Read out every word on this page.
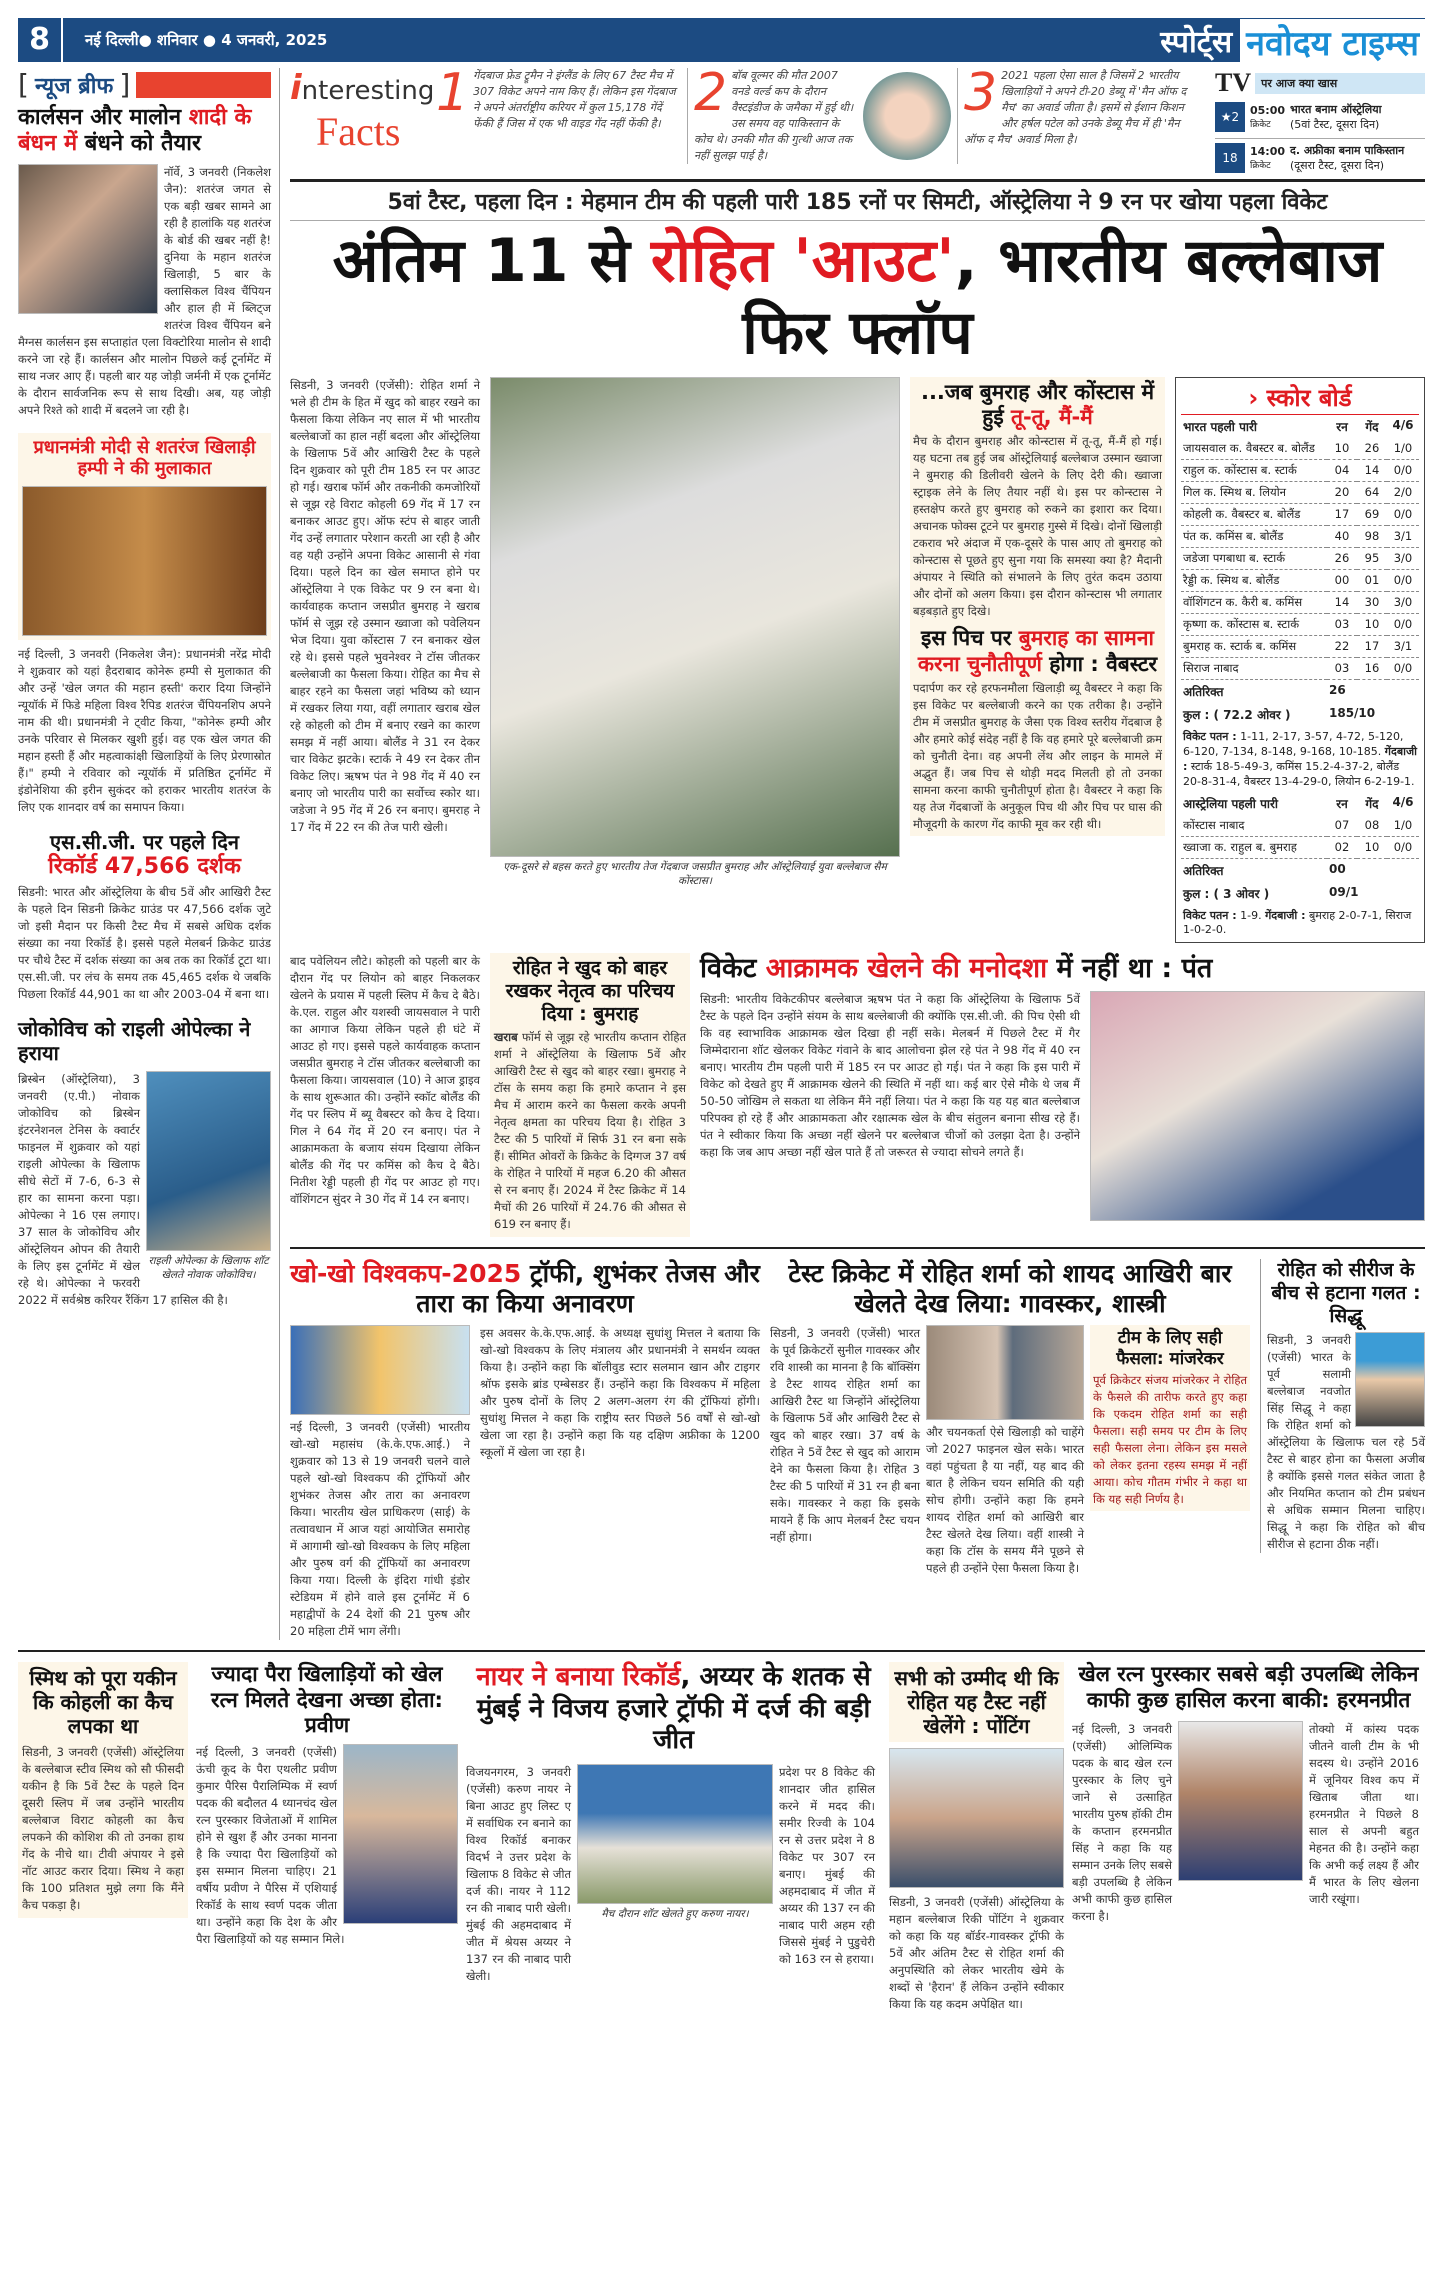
8	नई दिल्ली● शनिवार ● 4 जनवरी, 2025	स्पोर्ट्स नवोदय टाइम्स
[ न्यूज ब्रीफ ]
कार्लसन और मालोन शादी के बंधन में बंधने को तैयार
नॉर्वे, 3 जनवरी (निकलेश जैन): शतरंज जगत से एक बड़ी खबर सामने आ रही है हालांकि यह शतरंज के बोर्ड की खबर नहीं है! दुनिया के महान शतरंज खिलाड़ी, 5 बार के क्लासिकल विश्व चैंपियन और हाल ही में ब्लिट्ज शतरंज विश्व चैंपियन बने मैग्नस कार्लसन इस सप्ताहांत एला विक्टोरिया मालोन से शादी करने जा रहे हैं। कार्लसन और मालोन पिछले कई टूर्नामेंट में साथ नजर आए हैं। पहली बार यह जोड़ी जर्मनी में एक टूर्नामेंट के दौरान सार्वजनिक रूप से साथ दिखी। अब, यह जोड़ी अपने रिश्ते को शादी में बदलने जा रही है।
प्रधानमंत्री मोदी से शतरंज खिलाड़ी हम्पी ने की मुलाकात
नई दिल्ली, 3 जनवरी (निकलेश जैन): प्रधानमंत्री नरेंद्र मोदी ने शुक्रवार को यहां हैदराबाद कोनेरू हम्पी से मुलाकात की और उन्हें 'खेल जगत की महान हस्ती' करार दिया जिन्होंने न्यूयॉर्क में फिडे महिला विश्व रैपिड शतरंज चैंपियनशिप अपने नाम की थी। प्रधानमंत्री ने ट्वीट किया, "कोनेरू हम्पी और उनके परिवार से मिलकर खुशी हुई। वह एक खेल जगत की महान हस्ती हैं और महत्वाकांक्षी खिलाड़ियों के लिए प्रेरणास्रोत हैं।" हम्पी ने रविवार को न्यूयॉर्क में प्रतिष्ठित टूर्नामेंट में इंडोनेशिया की इरीन सुकंदर को हराकर भारतीय शतरंज के लिए एक शानदार वर्ष का समापन किया।
एस.सी.जी. पर पहले दिन
रिकॉर्ड 47,566 दर्शक
सिडनी: भारत और ऑस्ट्रेलिया के बीच 5वें और आखिरी टैस्ट के पहले दिन सिडनी क्रिकेट ग्राउंड पर 47,566 दर्शक जुटे जो इसी मैदान पर किसी टैस्ट मैच में सबसे अधिक दर्शक संख्या का नया रिकॉर्ड है। इससे पहले मेलबर्न क्रिकेट ग्राउंड पर चौथे टैस्ट में दर्शक संख्या का अब तक का रिकॉर्ड टूटा था। एस.सी.जी. पर लंच के समय तक 45,465 दर्शक थे जबकि पिछला रिकॉर्ड 44,901 का था और 2003-04 में बना था।
जोकोविच को राइली ओपेल्का ने हराया
राइली ओपेल्का के खिलाफ शॉट खेलते नोवाक जोकोविच।
ब्रिस्बेन (ऑस्ट्रेलिया), 3 जनवरी (ए.पी.) नोवाक जोकोविच को ब्रिस्बेन इंटरनेशनल टेनिस के क्वार्टर फाइनल में शुक्रवार को यहां राइली ओपेल्का के खिलाफ सीधे सेटों में 7-6, 6-3 से हार का सामना करना पड़ा। ओपेल्का ने 16 एस लगाए। 37 साल के जोकोविच और ऑस्ट्रेलियन ओपन की तैयारी के लिए इस टूर्नामेंट में खेल रहे थे। ओपेल्का ने फरवरी 2022 में सर्वश्रेष्ठ करियर रैंकिंग 17 हासिल की है।
interesting
Facts
1 गेंदबाज फ्रेड ट्रूमैन ने इंग्लैंड के लिए 67 टैस्ट मैच में 307 विकेट अपने नाम किए हैं। लेकिन इस गेंदबाज ने अपने अंतर्राष्ट्रीय करियर में कुल 15,178 गेंदें फेंकी हैं जिस में एक भी वाइड गेंद नहीं फेंकी है।
2 बॉब वूल्मर की मौत 2007 वनडे वर्ल्ड कप के दौरान वैस्टइंडीज के जमैका में हुई थी। उस समय वह पाकिस्तान के कोच थे। उनकी मौत की गुत्थी आज तक नहीं सुलझ पाई है।
3 2021 पहला ऐसा साल है जिसमें 2 भारतीय खिलाड़ियों ने अपने टी-20 डेब्यू में 'मैन ऑफ द मैच' का अवार्ड जीता है। इसमें से ईशान किशन और हर्षल पटेल को उनके डेब्यू मैच में ही 'मैन ऑफ द मैच' अवार्ड मिला है।
TV पर आज क्या खास
★2 05:00
क्रिकेट
भारत बनाम ऑस्ट्रेलिया
(5वां टैस्ट, दूसरा दिन)
18	14:00
क्रिकेट
द. अफ्रीका बनाम पाकिस्तान
(दूसरा टैस्ट, दूसरा दिन)
5वां टैस्ट, पहला दिन : मेहमान टीम की पहली पारी 185 रनों पर सिमटी, ऑस्ट्रेलिया ने 9 रन पर खोया पहला विकेट
अंतिम 11 से रोहित 'आउट', भारतीय बल्लेबाज फिर फ्लॉप
सिडनी, 3 जनवरी (एजेंसी): रोहित शर्मा ने भले ही टीम के हित में खुद को बाहर रखने का फैसला किया लेकिन नए साल में भी भारतीय बल्लेबाजों का हाल नहीं बदला और ऑस्ट्रेलिया के खिलाफ 5वें और आखिरी टैस्ट के पहले दिन शुक्रवार को पूरी टीम 185 रन पर आउट हो गई। खराब फॉर्म और तकनीकी कमजोरियों से जूझ रहे विराट कोहली 69 गेंद में 17 रन बनाकर आउट हुए। ऑफ स्टंप से बाहर जाती गेंद उन्हें लगातार परेशान करती आ रही है और वह यही उन्होंने अपना विकेट आसानी से गंवा दिया। पहले दिन का खेल समाप्त होने पर ऑस्ट्रेलिया ने एक विकेट पर 9 रन बना थे। कार्यवाहक कप्तान जसप्रीत बुमराह ने खराब फॉर्म से जूझ रहे उस्मान ख्वाजा को पवेलियन भेज दिया। युवा कोंस्टास 7 रन बनाकर खेल रहे थे। इससे पहले भुवनेश्वर ने टॉस जीतकर बल्लेबाजी का फैसला किया। रोहित का मैच से बाहर रहने का फैसला जहां भविष्य को ध्यान में रखकर लिया गया, वहीं लगातार खराब खेल रहे कोहली को टीम में बनाए रखने का कारण समझ में नहीं आया। बोलैंड ने 31 रन देकर चार विकेट झटके। स्टार्क ने 49 रन देकर तीन विकेट लिए। ऋषभ पंत ने 98 गेंद में 40 रन बनाए जो भारतीय पारी का सर्वोच्च स्कोर था। जडेजा ने 95 गेंद में 26 रन बनाए। बुमराह ने 17 गेंद में 22 रन की तेज पारी खेली।
एक-दूसरे से बहस करते हुए भारतीय तेज गेंदबाज जसप्रीत बुमराह और ऑस्ट्रेलियाई युवा बल्लेबाज सैम कोंस्टास।
...जब बुमराह और कोंस्टास में हुई तू-तू, मैं-मैं
मैच के दौरान बुमराह और कोन्स्टास में तू-तू, मैं-मैं हो गई। यह घटना तब हुई जब ऑस्ट्रेलियाई बल्लेबाज उस्मान ख्वाजा ने बुमराह की डिलीवरी खेलने के लिए देरी की। ख्वाजा स्ट्राइक लेने के लिए तैयार नहीं थे। इस पर कोन्स्टास ने हस्तक्षेप करते हुए बुमराह को रुकने का इशारा कर दिया। अचानक फोक्स टूटने पर बुमराह गुस्से में दिखे। दोनों खिलाड़ी टकराव भरे अंदाज में एक-दूसरे के पास आए तो बुमराह को कोन्स्टास से पूछते हुए सुना गया कि समस्या क्या है? मैदानी अंपायर ने स्थिति को संभालने के लिए तुरंत कदम उठाया और दोनों को अलग किया। इस दौरान कोन्स्टास भी लगातार बड़बड़ाते हुए दिखे।
इस पिच पर बुमराह का सामना करना चुनौतीपूर्ण होगा : वैबस्टर
पदार्पण कर रहे हरफनमौला खिलाड़ी ब्यू वैबस्टर ने कहा कि इस विकेट पर बल्लेबाजी करने का एक तरीका है। उन्होंने टीम में जसप्रीत बुमराह के जैसा एक विश्व स्तरीय गेंदबाज है और हमारे कोई संदेह नहीं है कि वह हमारे पूरे बल्लेबाजी क्रम को चुनौती देना। वह अपनी लेंथ और लाइन के मामले में अद्भुत हैं। जब पिच से थोड़ी मदद मिलती हो तो उनका सामना करना काफी चुनौतीपूर्ण होता है। वैबस्टर ने कहा कि यह तेज गेंदबाजों के अनुकूल पिच थी और पिच पर घास की मौजूदगी के कारण गेंद काफी मूव कर रही थी।
› स्कोर बोर्ड
भारत पहली पारी	रन	गेंद	4/6
जायसवाल क. वैबस्टर ब. बोलैंड	10	26	1/0
राहुल क. कोंस्टास ब. स्टार्क	04	14	0/0
गिल क. स्मिथ ब. लियोन	20	64	2/0
कोहली क. वैबस्टर ब. बोलैंड	17	69	0/0
पंत क. कमिंस ब. बोलैंड	40	98	3/1
जडेजा पगबाधा ब. स्टार्क	26	95	3/0
रैड्डी क. स्मिथ ब. बोलैंड	00	01	0/0
वॉशिंगटन क. कैरी ब. कमिंस	14	30	3/0
कृष्णा क. कोंस्टास ब. स्टार्क	03	10	0/0
बुमराह क. स्टार्क ब. कमिंस	22	17	3/1
सिराज नाबाद	03	16	0/0
अतिरिक्त	26		
कुल : ( 72.2 ओवर )	185/10		
विकेट पतन : 1-11, 2-17, 3-57, 4-72, 5-120, 6-120, 7-134, 8-148, 9-168, 10-185. गेंदबाजी : स्टार्क 18-5-49-3, कमिंस 15.2-4-37-2, बोलैंड 20-8-31-4, वैबस्टर 13-4-29-0, लियोन 6-2-19-1.			
आस्ट्रेलिया पहली पारी	रन	गेंद	4/6
कोंस्टास नाबाद	07	08	1/0
ख्वाजा क. राहुल ब. बुमराह	02	10	0/0
अतिरिक्त	00		
कुल : ( 3 ओवर )	09/1		
विकेट पतन : 1-9. गेंदबाजी : बुमराह 2-0-7-1, सिराज 1-0-2-0.			
बाद पवेलियन लौटे। कोहली को पहली बार के दौरान गेंद पर लियोन को बाहर निकलकर खेलने के प्रयास में पहली स्लिप में कैच दे बैठे। के.एल. राहुल और यशस्वी जायसवाल ने पारी का आगाज किया लेकिन पहले ही घंटे में आउट हो गए। इससे पहले कार्यवाहक कप्तान जसप्रीत बुमराह ने टॉस जीतकर बल्लेबाजी का फैसला किया। जायसवाल (10) ने आज ड्राइव के साथ शुरूआत की। उन्होंने स्कॉट बोलैंड की गेंद पर स्लिप में ब्यू वैबस्टर को कैच दे दिया। गिल ने 64 गेंद में 20 रन बनाए। पंत ने आक्रामकता के बजाय संयम दिखाया लेकिन बोलैंड की गेंद पर कमिंस को कैच दे बैठे। नितीश रेड्डी पहली ही गेंद पर आउट हो गए। वॉशिंगटन सुंदर ने 30 गेंद में 14 रन बनाए।
रोहित ने खुद को बाहर रखकर नेतृत्व का परिचय दिया : बुमराह
खराब फॉर्म से जूझ रहे भारतीय कप्तान रोहित शर्मा ने ऑस्ट्रेलिया के खिलाफ 5वें और आखिरी टैस्ट से खुद को बाहर रखा। बुमराह ने टॉस के समय कहा कि हमारे कप्तान ने इस मैच में आराम करने का फैसला करके अपनी नेतृत्व क्षमता का परिचय दिया है। रोहित 3 टैस्ट की 5 पारियों में सिर्फ 31 रन बना सके हैं। सीमित ओवरों के क्रिकेट के दिग्गज 37 वर्ष के रोहित ने पारियों में महज 6.20 की औसत से रन बनाए हैं। 2024 में टैस्ट क्रिकेट में 14 मैचों की 26 पारियों में 24.76 की औसत से 619 रन बनाए हैं।
विकेट आक्रामक खेलने की मनोदशा में नहीं था : पंत
सिडनी: भारतीय विकेटकीपर बल्लेबाज ऋषभ पंत ने कहा कि ऑस्ट्रेलिया के खिलाफ 5वें टैस्ट के पहले दिन उन्होंने संयम के साथ बल्लेबाजी की क्योंकि एस.सी.जी. की पिच ऐसी थी कि वह स्वाभाविक आक्रामक खेल दिखा ही नहीं सके। मेलबर्न में पिछले टैस्ट में गैर जिम्मेदाराना शॉट खेलकर विकेट गंवाने के बाद आलोचना झेल रहे पंत ने 98 गेंद में 40 रन बनाए। भारतीय टीम पहली पारी में 185 रन पर आउट हो गई। पंत ने कहा कि इस पारी में विकेट को देखते हुए मैं आक्रामक खेलने की स्थिति में नहीं था। कई बार ऐसे मौके थे जब मैं 50-50 जोखिम ले सकता था लेकिन मैंने नहीं लिया। पंत ने कहा कि यह यह बात बल्लेबाज परिपक्व हो रहे हैं और आक्रामकता और रक्षात्मक खेल के बीच संतुलन बनाना सीख रहे हैं। पंत ने स्वीकार किया कि अच्छा नहीं खेलने पर बल्लेबाज चीजों को उलझा देता है। उन्होंने कहा कि जब आप अच्छा नहीं खेल पाते हैं तो जरूरत से ज्यादा सोचने लगते हैं।
खो-खो विश्वकप-2025 ट्रॉफी, शुभंकर तेजस और तारा का किया अनावरण
नई दिल्ली, 3 जनवरी (एजेंसी) भारतीय खो-खो महासंघ (के.के.एफ.आई.) ने शुक्रवार को 13 से 19 जनवरी चलने वाले पहले खो-खो विश्वकप की ट्रॉफियों और शुभंकर तेजस और तारा का अनावरण किया। भारतीय खेल प्राधिकरण (साई) के तत्वावधान में आज यहां आयोजित समारोह में आगामी खो-खो विश्वकप के लिए महिला और पुरुष वर्ग की ट्रॉफियों का अनावरण किया गया। दिल्ली के इंदिरा गांधी इंडोर स्टेडियम में होने वाले इस टूर्नामेंट में 6 महाद्वीपों के 24 देशों की 21 पुरुष और 20 महिला टीमें भाग लेंगी।
इस अवसर के.के.एफ.आई. के अध्यक्ष सुधांशु मित्तल ने बताया कि खो-खो विश्वकप के लिए मंत्रालय और प्रधानमंत्री ने समर्थन व्यक्त किया है। उन्होंने कहा कि बॉलीवुड स्टार सलमान खान और टाइगर श्रॉफ इसके ब्रांड एम्बेसडर हैं। उन्होंने कहा कि विश्वकप में महिला और पुरुष दोनों के लिए 2 अलग-अलग रंग की ट्रॉफियां होंगी। सुधांशु मित्तल ने कहा कि राष्ट्रीय स्तर पिछले 56 वर्षों से खो-खो खेला जा रहा है। उन्होंने कहा कि यह दक्षिण अफ्रीका के 1200 स्कूलों में खेला जा रहा है।
टेस्ट क्रिकेट में रोहित शर्मा को शायद आखिरी बार खेलते देख लिया: गावस्कर, शास्त्री
सिडनी, 3 जनवरी (एजेंसी) भारत के पूर्व क्रिकेटरों सुनील गावस्कर और रवि शास्त्री का मानना है कि बॉक्सिंग डे टैस्ट शायद रोहित शर्मा का आखिरी टैस्ट था जिन्होंने ऑस्ट्रेलिया के खिलाफ 5वें और आखिरी टैस्ट से खुद को बाहर रखा। 37 वर्ष के रोहित ने 5वें टैस्ट से खुद को आराम देने का फैसला किया है। रोहित 3 टैस्ट की 5 पारियों में 31 रन ही बना सके। गावस्कर ने कहा कि इसके मायने हैं कि आप मेलबर्न टैस्ट चयन नहीं होगा।
और चयनकर्ता ऐसे खिलाड़ी को चाहेंगे जो 2027 फाइनल खेल सके। भारत वहां पहुंचता है या नहीं, यह बाद की बात है लेकिन चयन समिति की यही सोच होगी। उन्होंने कहा कि हमने शायद रोहित शर्मा को आखिरी बार टैस्ट खेलते देख लिया। वहीं शास्त्री ने कहा कि टॉस के समय मैंने पूछने से पहले ही उन्होंने ऐसा फैसला किया है।
टीम के लिए सही फैसला: मांजरेकर
पूर्व क्रिकेटर संजय मांजरेकर ने रोहित के फैसले की तारीफ करते हुए कहा कि एकदम रोहित शर्मा का सही फैसला। सही समय पर टीम के लिए सही फैसला लेना। लेकिन इस मसले को लेकर इतना रहस्य समझ में नहीं आया। कोच गौतम गंभीर ने कहा था कि यह सही निर्णय है।
रोहित को सीरीज के बीच से हटाना गलत : सिद्धू
सिडनी, 3 जनवरी (एजेंसी) भारत के पूर्व सलामी बल्लेबाज नवजोत सिंह सिद्धू ने कहा कि रोहित शर्मा को ऑस्ट्रेलिया के खिलाफ चल रहे 5वें टैस्ट से बाहर होना का फैसला अजीब है क्योंकि इससे गलत संकेत जाता है और नियमित कप्तान को टीम प्रबंधन से अधिक सम्मान मिलना चाहिए। सिद्धू ने कहा कि रोहित को बीच सीरीज से हटाना ठीक नहीं।
स्मिथ को पूरा यकीन कि कोहली का कैच लपका था
सिडनी, 3 जनवरी (एजेंसी) ऑस्ट्रेलिया के बल्लेबाज स्टीव स्मिथ को सौ फीसदी यकीन है कि 5वें टैस्ट के पहले दिन दूसरी स्लिप में जब उन्होंने भारतीय बल्लेबाज विराट कोहली का कैच लपकने की कोशिश की तो उनका हाथ गेंद के नीचे था। टीवी अंपायर ने इसे नॉट आउट करार दिया। स्मिथ ने कहा कि 100 प्रतिशत मुझे लगा कि मैंने कैच पकड़ा है।
ज्यादा पैरा खिलाड़ियों को खेल रत्न मिलते देखना अच्छा होता: प्रवीण
नई दिल्ली, 3 जनवरी (एजेंसी) ऊंची कूद के पैरा एथलीट प्रवीण कुमार पैरिस पैरालिम्पिक में स्वर्ण पदक की बदौलत 4 ध्यानचंद खेल रत्न पुरस्कार विजेताओं में शामिल होने से खुश हैं और उनका मानना है कि ज्यादा पैरा खिलाड़ियों को इस सम्मान मिलना चाहिए। 21 वर्षीय प्रवीण ने पैरिस में एशियाई रिकॉर्ड के साथ स्वर्ण पदक जीता था। उन्होंने कहा कि देश के और पैरा खिलाड़ियों को यह सम्मान मिले।
नायर ने बनाया रिकॉर्ड, अय्यर के शतक से मुंबई ने विजय हजारे ट्रॉफी में दर्ज की बड़ी जीत
विजयनगरम, 3 जनवरी (एजेंसी) करुण नायर ने बिना आउट हुए लिस्ट ए में सर्वाधिक रन बनाने का विश्व रिकॉर्ड बनाकर विदर्भ ने उत्तर प्रदेश के खिलाफ 8 विकेट से जीत दर्ज की। नायर ने 112 रन की नाबाद पारी खेली। मुंबई की अहमदाबाद में जीत में श्रेयस अय्यर ने 137 रन की नाबाद पारी खेली।
मैच दौरान शॉट खेलते हुए करुण नायर।
प्रदेश पर 8 विकेट की शानदार जीत हासिल करने में मदद की। समीर रिज्वी के 104 रन से उत्तर प्रदेश ने 8 विकेट पर 307 रन बनाए। मुंबई की अहमदाबाद में जीत में अय्यर की 137 रन की नाबाद पारी अहम रही जिससे मुंबई ने पुडुचेरी को 163 रन से हराया।
सभी को उम्मीद थी कि रोहित यह टैस्ट नहीं खेलेंगे : पोंटिंग
सिडनी, 3 जनवरी (एजेंसी) ऑस्ट्रेलिया के महान बल्लेबाज रिकी पोंटिंग ने शुक्रवार को कहा कि यह बॉर्डर-गावस्कर ट्रॉफी के 5वें और अंतिम टैस्ट से रोहित शर्मा की अनुपस्थिति को लेकर भारतीय खेमे के शब्दों से 'हैरान' हैं लेकिन उन्होंने स्वीकार किया कि यह कदम अपेक्षित था।
खेल रत्न पुरस्कार सबसे बड़ी उपलब्धि लेकिन काफी कुछ हासिल करना बाकी: हरमनप्रीत
नई दिल्ली, 3 जनवरी (एजेंसी) ओलिम्पिक पदक के बाद खेल रत्न पुरस्कार के लिए चुने जाने से उत्साहित भारतीय पुरुष हॉकी टीम के कप्तान हरमनप्रीत सिंह ने कहा कि यह सम्मान उनके लिए सबसे बड़ी उपलब्धि है लेकिन अभी काफी कुछ हासिल करना है।
तोक्यो में कांस्य पदक जीतने वाली टीम के भी सदस्य थे। उन्होंने 2016 में जूनियर विश्व कप में खिताब जीता था। हरमनप्रीत ने पिछले 8 साल से अपनी बहुत मेहनत की है। उन्होंने कहा कि अभी कई लक्ष्य हैं और मैं भारत के लिए खेलना जारी रखूंगा।
